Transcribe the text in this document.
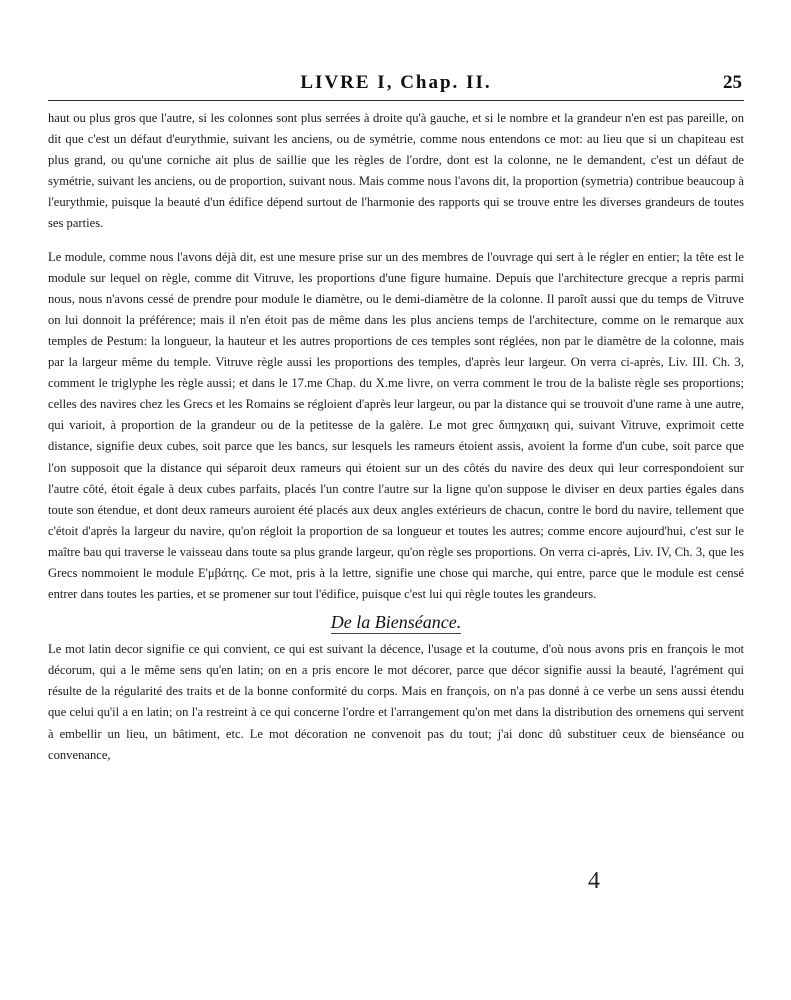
LIVRE I, Chap. II.	25

haut ou plus gros que l'autre, si les colonnes sont plus serrées à droite qu'à gauche, et si le nombre et la grandeur n'en est pas pareille, on dit que c'est un défaut d'eurythmie, suivant les anciens, ou de symétrie, comme nous entendons ce mot: au lieu que si un chapiteau est plus grand, ou qu'une corniche ait plus de saillie que les règles de l'ordre, dont est la colonne, ne le demandent, c'est un défaut de symétrie, suivant les anciens, ou de proportion, suivant nous. Mais comme nous l'avons dit, la proportion (symetria) contribue beaucoup à l'eurythmie, puisque la beauté d'un édifice dépend surtout de l'harmonie des rapports qui se trouve entre les diverses grandeurs de toutes ses parties.

Le module, comme nous l'avons déjà dit, est une mesure prise sur un des membres de l'ouvrage qui sert à le régler en entier; la tête est le module sur lequel on règle, comme dit Vitruve, les proportions d'une figure humaine. Depuis que l'architecture grecque a repris parmi nous, nous n'avons cessé de prendre pour module le diamètre, ou le demi-diamètre de la colonne. Il paroît aussi que du temps de Vitruve on lui donnoit la préférence; mais il n'en étoit pas de même dans les plus anciens temps de l'architecture, comme on le remarque aux temples de Pestum: la longueur, la hauteur et les autres proportions de ces temples sont réglées, non par le diamètre de la colonne, mais par la largeur même du temple. Vitruve règle aussi les proportions des temples, d'après leur largeur. On verra ci-après, Liv. III. Ch. 3, comment le triglyphe les règle aussi; et dans le 17.me Chap. du X.me livre, on verra comment le trou de la baliste règle ses proportions; celles des navires chez les Grecs et les Romains se régloient d'après leur largeur, ou par la distance qui se trouvoit d'une rame à une autre, qui varioit, à proportion de la grandeur ou de la petitesse de la galère. Le mot grec διπηχαικη qui, suivant Vitruve, exprimoit cette distance, signifie deux cubes, soit parce que les bancs, sur lesquels les rameurs étoient assis, avoient la forme d'un cube, soit parce que l'on supposoit que la distance qui séparoit deux rameurs qui étoient sur un des côtés du navire des deux qui leur correspondoient sur l'autre côté, étoit égale à deux cubes parfaits, placés l'un contre l'autre sur la ligne qu'on suppose le diviser en deux parties égales dans toute son étendue, et dont deux rameurs auroient été placés aux deux angles extérieurs de chacun, contre le bord du navire, tellement que c'étoit d'après la largeur du navire, qu'on régloit la proportion de sa longueur et toutes les autres; comme encore aujourd'hui, c'est sur le maître bau qui traverse le vaisseau dans toute sa plus grande largeur, qu'on règle ses proportions. On verra ci-après, Liv. IV, Ch. 3, que les Grecs nommoient le module Ε'μβάτης. Ce mot, pris à la lettre, signifie une chose qui marche, qui entre, parce que le module est censé entrer dans toutes les parties, et se promener sur tout l'édifice, puisque c'est lui qui règle toutes les grandeurs.

De la Bienséance.

Le mot latin decor signifie ce qui convient, ce qui est suivant la décence, l'usage et la coutume, d'où nous avons pris en françois le mot décorum, qui a le même sens qu'en latin; on en a pris encore le mot décorer, parce que décor signifie aussi la beauté, l'agrément qui résulte de la régularité des traits et de la bonne conformité du corps. Mais en françois, on n'a pas donné à ce verbe un sens aussi étendu que celui qu'il a en latin; on l'a restreint à ce qui concerne l'ordre et l'arrangement qu'on met dans la distribution des ornemens qui servent à embellir un lieu, un bâtiment, etc. Le mot décoration ne convenoit pas du tout; j'ai donc dû substituer ceux de bienséance ou convenance,

4
